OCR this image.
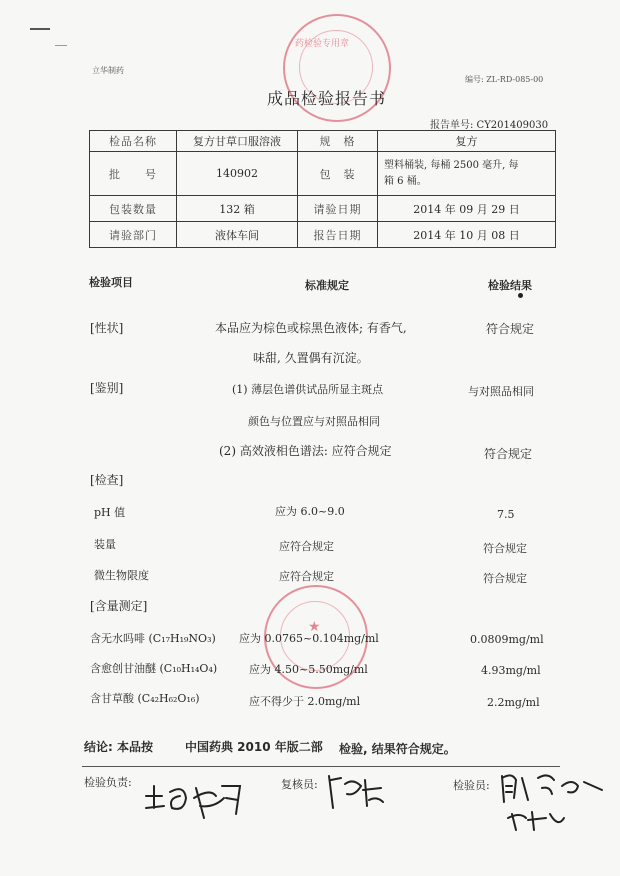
药检验专用章
立华制药
编号: ZL-RD-085-00
成品检验报告书
报告单号: CY201409030
检品名称	复方甘草口服溶液	规　格	复方
批　　号	140902	包　装	塑料桶装, 每桶 2500 毫升, 每
箱 6 桶。

包装数量	132 箱	请验日期	2014 年 09 月 29 日
请验部门	液体车间	报告日期	2014 年 10 月 08 日
检验项目	标准规定	检验结果
[性状]	本品应为棕色或棕黑色液体; 有香气,
味甜, 久置偶有沉淀。
符合规定
[鉴别]	(1) 薄层色谱供试品所显主斑点
颜色与位置应与对照品相同
与对照品相同
(2) 高效液相色谱法: 应符合规定	符合规定
[检查]
pH 值	应为 6.0~9.0	7.5
装量	应符合规定	符合规定
微生物限度	应符合规定	符合规定
[含量测定]
★
含无水吗啡 (C₁₇H₁₉NO₃) 应为 0.0765~0.104mg/ml	0.0809mg/ml
含愈创甘油醚 (C₁₀H₁₄O₄)	应为 4.50~5.50mg/ml	4.93mg/ml
含甘草酸 (C₄₂H₆₂O₁₆)	应不得少于 2.0mg/ml	2.2mg/ml
结论: 本品按	中国药典 2010 年版二部 检验, 结果符合规定。
检验负责:	复核员:	检验员:
